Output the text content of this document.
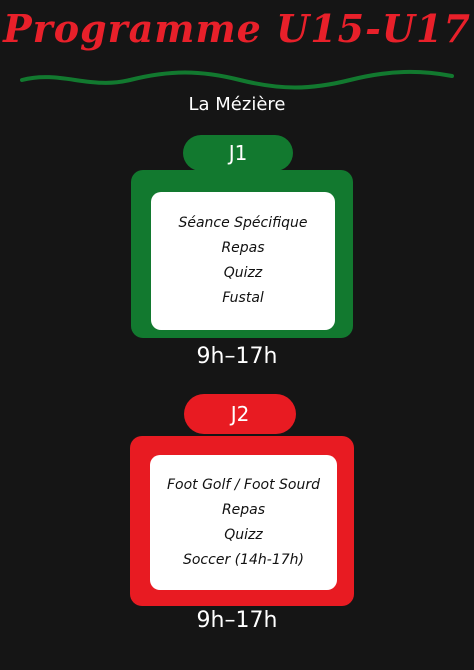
Programme U15-U17
La Mézière
J1
Séance Spécifique
Repas
Quizz
Fustal
9h–17h
J2
Foot Golf / Foot Sourd
Repas
Quizz
Soccer (14h-17h)
9h–17h
